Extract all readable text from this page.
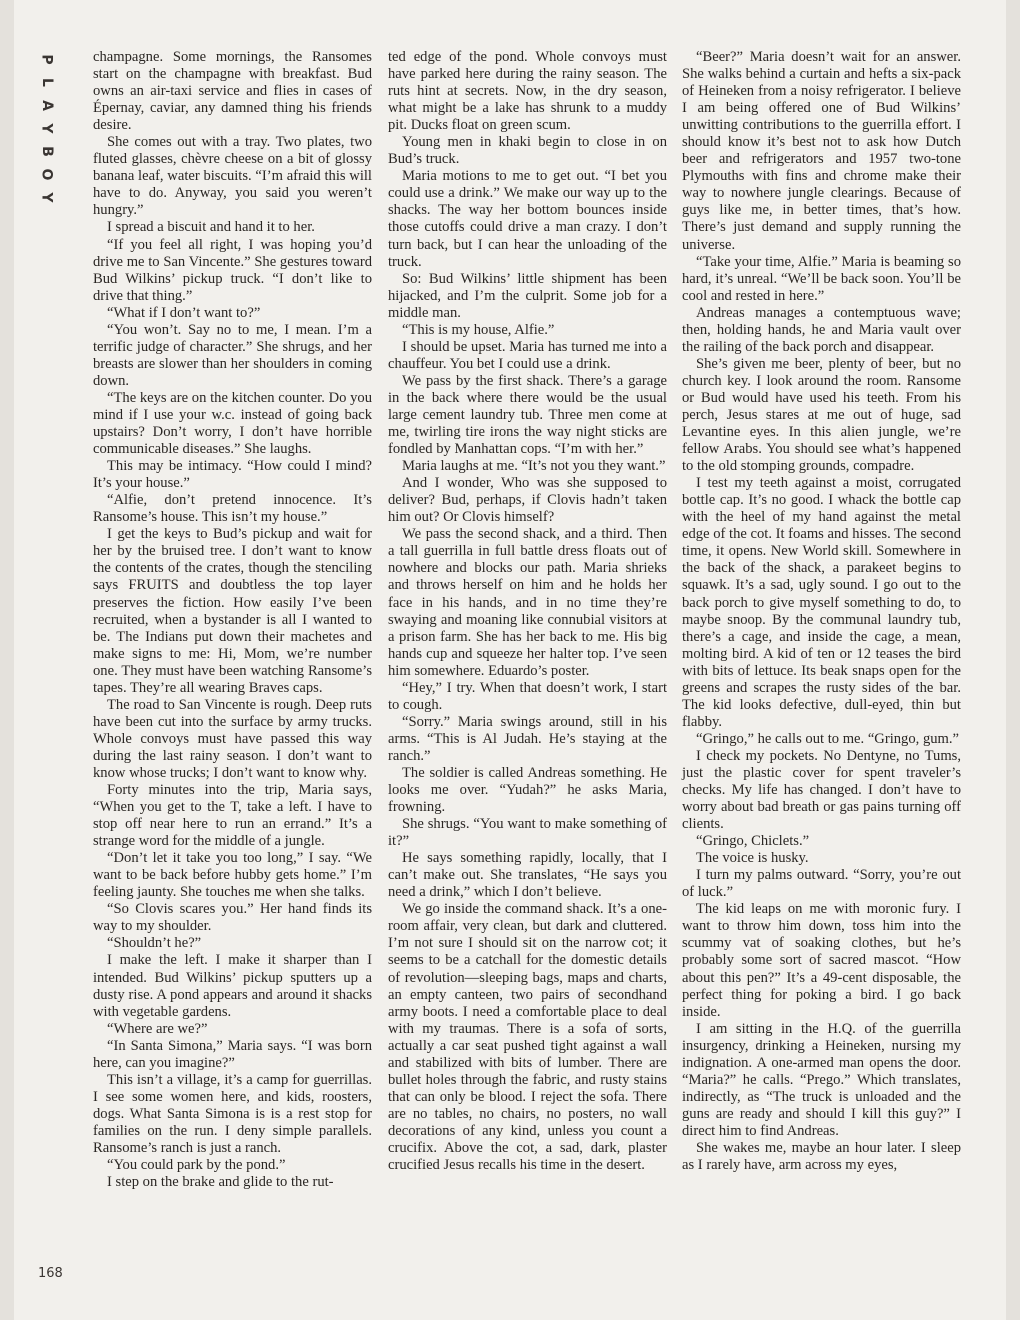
P
L
A
Y
B
O
Y

champagne. Some mornings, the Ransomes start on the champagne with breakfast. Bud owns an air-taxi service and flies in cases of Épernay, caviar, any damned thing his friends desire.

She comes out with a tray. Two plates, two fluted glasses, chèvre cheese on a bit of glossy banana leaf, water biscuits. “I’m afraid this will have to do. Anyway, you said you weren’t hungry.”

I spread a biscuit and hand it to her.

“If you feel all right, I was hoping you’d drive me to San Vincente.” She gestures toward Bud Wilkins’ pickup truck. “I don’t like to drive that thing.”

“What if I don’t want to?”

“You won’t. Say no to me, I mean. I’m a terrific judge of character.” She shrugs, and her breasts are slower than her shoulders in coming down.

“The keys are on the kitchen counter. Do you mind if I use your w.c. instead of going back upstairs? Don’t worry, I don’t have horrible communicable diseases.” She laughs.

This may be intimacy. “How could I mind? It’s your house.”

“Alfie, don’t pretend innocence. It’s Ransome’s house. This isn’t my house.”

I get the keys to Bud’s pickup and wait for her by the bruised tree. I don’t want to know the contents of the crates, though the stenciling says FRUITS and doubtless the top layer preserves the fiction. How easily I’ve been recruited, when a bystander is all I wanted to be. The Indians put down their machetes and make signs to me: Hi, Mom, we’re number one. They must have been watching Ransome’s tapes. They’re all wearing Braves caps.

The road to San Vincente is rough. Deep ruts have been cut into the surface by army trucks. Whole convoys must have passed this way during the last rainy season. I don’t want to know whose trucks; I don’t want to know why.

Forty minutes into the trip, Maria says, “When you get to the T, take a left. I have to stop off near here to run an errand.” It’s a strange word for the middle of a jungle.

“Don’t let it take you too long,” I say. “We want to be back before hubby gets home.” I’m feeling jaunty. She touches me when she talks.

“So Clovis scares you.” Her hand finds its way to my shoulder.

“Shouldn’t he?”

I make the left. I make it sharper than I intended. Bud Wilkins’ pickup sputters up a dusty rise. A pond appears and around it shacks with vegetable gardens.

“Where are we?”

“In Santa Simona,” Maria says. “I was born here, can you imagine?”

This isn’t a village, it’s a camp for guerrillas. I see some women here, and kids, roosters, dogs. What Santa Simona is is a rest stop for families on the run. I deny simple parallels. Ransome’s ranch is just a ranch.

“You could park by the pond.”

I step on the brake and glide to the rut-

ted edge of the pond. Whole convoys must have parked here during the rainy season. The ruts hint at secrets. Now, in the dry season, what might be a lake has shrunk to a muddy pit. Ducks float on green scum.

Young men in khaki begin to close in on Bud’s truck.

Maria motions to me to get out. “I bet you could use a drink.” We make our way up to the shacks. The way her bottom bounces inside those cutoffs could drive a man crazy. I don’t turn back, but I can hear the unloading of the truck.

So: Bud Wilkins’ little shipment has been hijacked, and I’m the culprit. Some job for a middle man.

“This is my house, Alfie.”

I should be upset. Maria has turned me into a chauffeur. You bet I could use a drink.

We pass by the first shack. There’s a garage in the back where there would be the usual large cement laundry tub. Three men come at me, twirling tire irons the way night sticks are fondled by Manhattan cops. “I’m with her.”

Maria laughs at me. “It’s not you they want.”

And I wonder, Who was she supposed to deliver? Bud, perhaps, if Clovis hadn’t taken him out? Or Clovis himself?

We pass the second shack, and a third. Then a tall guerrilla in full battle dress floats out of nowhere and blocks our path. Maria shrieks and throws herself on him and he holds her face in his hands, and in no time they’re swaying and moaning like connubial visitors at a prison farm. She has her back to me. His big hands cup and squeeze her halter top. I’ve seen him somewhere. Eduardo’s poster.

“Hey,” I try. When that doesn’t work, I start to cough.

“Sorry.” Maria swings around, still in his arms. “This is Al Judah. He’s staying at the ranch.”

The soldier is called Andreas something. He looks me over. “Yudah?” he asks Maria, frowning.

She shrugs. “You want to make something of it?”

He says something rapidly, locally, that I can’t make out. She translates, “He says you need a drink,” which I don’t believe.

We go inside the command shack. It’s a one-room affair, very clean, but dark and cluttered. I’m not sure I should sit on the narrow cot; it seems to be a catchall for the domestic details of revolution—sleeping bags, maps and charts, an empty canteen, two pairs of secondhand army boots. I need a comfortable place to deal with my traumas. There is a sofa of sorts, actually a car seat pushed tight against a wall and stabilized with bits of lumber. There are bullet holes through the fabric, and rusty stains that can only be blood. I reject the sofa. There are no tables, no chairs, no posters, no wall decorations of any kind, unless you count a crucifix. Above the cot, a sad, dark, plaster crucified Jesus recalls his time in the desert.

“Beer?” Maria doesn’t wait for an answer. She walks behind a curtain and hefts a six-pack of Heineken from a noisy refrigerator. I believe I am being offered one of Bud Wilkins’ unwitting contributions to the guerrilla effort. I should know it’s best not to ask how Dutch beer and refrigerators and 1957 two-tone Plymouths with fins and chrome make their way to nowhere jungle clearings. Because of guys like me, in better times, that’s how. There’s just demand and supply running the universe.

“Take your time, Alfie.” Maria is beaming so hard, it’s unreal. “We’ll be back soon. You’ll be cool and rested in here.”

Andreas manages a contemptuous wave; then, holding hands, he and Maria vault over the railing of the back porch and disappear.

She’s given me beer, plenty of beer, but no church key. I look around the room. Ransome or Bud would have used his teeth. From his perch, Jesus stares at me out of huge, sad Levantine eyes. In this alien jungle, we’re fellow Arabs. You should see what’s happened to the old stomping grounds, compadre.

I test my teeth against a moist, corrugated bottle cap. It’s no good. I whack the bottle cap with the heel of my hand against the metal edge of the cot. It foams and hisses. The second time, it opens. New World skill. Somewhere in the back of the shack, a parakeet begins to squawk. It’s a sad, ugly sound. I go out to the back porch to give myself something to do, to maybe snoop. By the communal laundry tub, there’s a cage, and inside the cage, a mean, molting bird. A kid of ten or 12 teases the bird with bits of lettuce. Its beak snaps open for the greens and scrapes the rusty sides of the bar. The kid looks defective, dull-eyed, thin but flabby.

“Gringo,” he calls out to me. “Gringo, gum.”

I check my pockets. No Dentyne, no Tums, just the plastic cover for spent traveler’s checks. My life has changed. I don’t have to worry about bad breath or gas pains turning off clients.

“Gringo, Chiclets.”

The voice is husky.

I turn my palms outward. “Sorry, you’re out of luck.”

The kid leaps on me with moronic fury. I want to throw him down, toss him into the scummy vat of soaking clothes, but he’s probably some sort of sacred mascot. “How about this pen?” It’s a 49-cent disposable, the perfect thing for poking a bird. I go back inside.

I am sitting in the H.Q. of the guerrilla insurgency, drinking a Heineken, nursing my indignation. A one-armed man opens the door. “Maria?” he calls. “Prego.” Which translates, indirectly, as “The truck is unloaded and the guns are ready and should I kill this guy?” I direct him to find Andreas.

She wakes me, maybe an hour later. I sleep as I rarely have, arm across my eyes,

168
